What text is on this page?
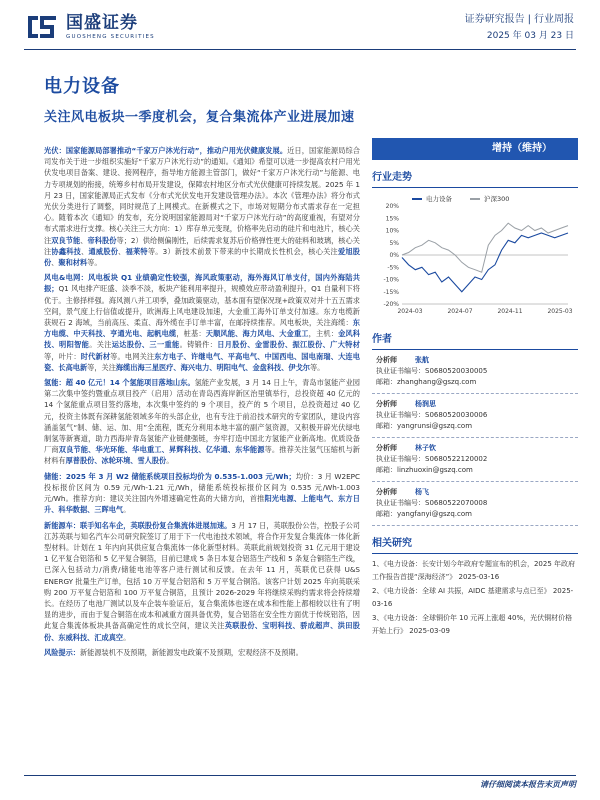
国盛证券
GUOSHENG SECURITIES
证券研究报告 | 行业周报
2025 年 03 月 23 日
电力设备
关注风电板块一季度机会，复合集流体产业进展加速

光伏：国家能源局部署推动“千家万户沐光行动”，推动户用光伏健康发展。近日，国家能源局综合司发布关于进一步组织实施好“千家万户沐光行动”的通知。《通知》希望可以进一步提高农村户用光伏发电项目备案、建设、接网程序，指导地方能源主管部门，做好“千家万户沐光行动”与能源、电力专项规划的衔接，统筹乡村布局开发建设，保障农村地区分布式光伏健康可持续发展。2025 年 1 月 23 日，国家能源局正式发布《分布式光伏发电开发建设管理办法》。本次《管理办法》将分布式光伏分类进行了调整，同时规范了上网模式。在新模式之下，市场对短期分布式需求存在一定担心。随着本次《通知》的发布，充分说明国家能源局对“千家万户沐光行动”的高度重视，有望对分布式需求进行支撑。核心关注三大方向：1）库存单元变现，价格率先启动的硅片和电池片，核心关注双良节能、帝科股份等；2）供给侧偏刚性，后续需求复苏后价格弹性更大的硅料和玻璃，核心关注协鑫科技、通威股份、福莱特等。3）新技术前景下带来的中长期成长性机会，核心关注爱旭股份、聚和材料等。

风电&电网：风电板块 Q1 业绩确定性较强，海风政策驱动，海外海风订单支付，国内外海陆共振；Q1 风电排产旺盛、淡季不淡，板块产能利用率提升，规模效应带动盈利提升，Q1 自量利下将优于。主修择样强。海风测八并工项季，叠加政策驱动，基本面有望保况现+政策双对并十五五需求空间，景气度上行信值或提升，欧洲海上风电建设加速，大金重工海外订单支付加速。东方电缆新获规石 2 海域，当前高压、柔直、海外缆在手订单丰富，在邮持续推荐。风电板块，关注海缆：东方电缆、中天科技、亨通光电、起帆电缆，桩基：天顺风能、海力风电、大金重工，主机：金风科技、明阳智能。关注运达股份、三一重能。铸锻件：日月股份、金雷股份、振江股份、广大特材等，叶片：时代新材等。电网关注东方电子、许继电气、平高电气、中国西电、国电南瑞、大连电瓷、长高电新等，关注海缆出海三星医疗、海兴电力、明阳电气、金盘科技、伊戈尔等。

氢能：超 40 亿元！14 个氢能项目落地山东。氢能产业发展，3 月 14 日上午，青岛市氢能产业园第二次集中签约暨重点项目投产（启用）活动在青岛西海岸新区治里镇举行，总投资超 40 亿元的 14 个氢能重点项目签约落地，本次集中签约的 9 个项目，投产的 5 个项目，总投资超过 40 亿元，投资主体既有深耕氢能领域多年的头部企业，也有专注于前沿技术研究的专家团队，建设内容涵盖氢气“制、储、运、加、用”全流程，既充分利用本地丰富的副产氢资源，又积极开辟光伏绿电制氢等新赛道，助力西海岸青岛氢能产业链健强链，夯牢打造中国北方氢能产业新高地。优质设备厂商双良节能、华光环能、华电重工、昇辉科技、亿华通、东华能源等。推荐关注氢气压缩机与新材料有厚普股份、冰轮环境、雪人股份。

储能：2025 年 3 月 W2 储能系统项目投标均价为 0.535-1.003 元/Wh；均价：3 月 W2EPC 投标报价区间为 0.59 元/Wh-1.21 元/Wh，储能系统投标报价区间为 0.535 元/Wh-1.003 元/Wh。推荐方向：建议关注国内外增速确定性高的大储方向，首推阳光电源、上能电气、东方日升、科华数据、三晖电气。

新能源车：联手知名车企，英联股份复合集流体进展加速。3 月 17 日，英联股份公告，控股子公司江苏英联与知名汽车公司研究院签订了用于下一代电池技术领域，将合作开发复合集流体一体化新型材料。计划在 1 年内向其供应复合集流体一体化新型材料。英联此前规划投资 31 亿元用于建设 1 亿平复合铝箔和 5 亿平复合铜箔，目前已建成 5 条日本复合铝箔生产线和 5 条复合铜箔生产线，已深入包括动力/消费/储能电池等客户进行测试和反馈。在去年 11 月，英联优已获得 U&S ENERGY 批量生产订单，包括 10 万平复合铝箔和 5 万平复合铜箔。该客户计划 2025 年向英联采购 200 万平复合铝箔和 100 万平复合铜箔，且预计 2026-2029 年将继续采购约需求将会持续增长。在经历了电池厂测试以及车企装车验证后，复合集流体也逐在成本和性能上都相较以往有了明显的进步，而由于复合铜箔在成本和减重方面具备优势，复合铝箔在安全性方面优于传统铝箔，因此复合集流体板块具备高确定性的成长空间，建议关注英联股份、宝明科技、骄成超声、洪田股份、东威科技、汇成真空。

风险提示：新能源装机不及预期，新能源发电政策不及预期，宏观经济不及预期。

增持（维持）
行业走势
电力设备	沪深300
-20%
-15%
-10%
-5%
0%
5%
10%
15%
20%
2024-03	2024-07	2024-11	2025-03
作者
分析师	张航
执业证书编号：S0680520030005
邮箱：zhanghang@gszq.com
分析师	杨润思
执业证书编号：S0680520030006
邮箱：yangrunsi@gszq.com
分析师	林子钦
执业证书编号：S0680522120002
邮箱：linzhuoxin@gszq.com
分析师	杨飞
执业证书编号：S0680522070008
邮箱：yangfanyi@gszq.com
相关研究
1、《电力设备：长安计划今年政府专题宣布的机会，2025 年政府工作报告首提“深海经济”》 2025-03-16
2、《电力设备：全球 AI 共振，AIDC 基建需求与点已至》 2025-03-16
3、《电力设备：全球铜价年 10 元再上涨超 40%，光伏铜材价格开始上行》 2025-03-09
请仔细阅读本报告末页声明
